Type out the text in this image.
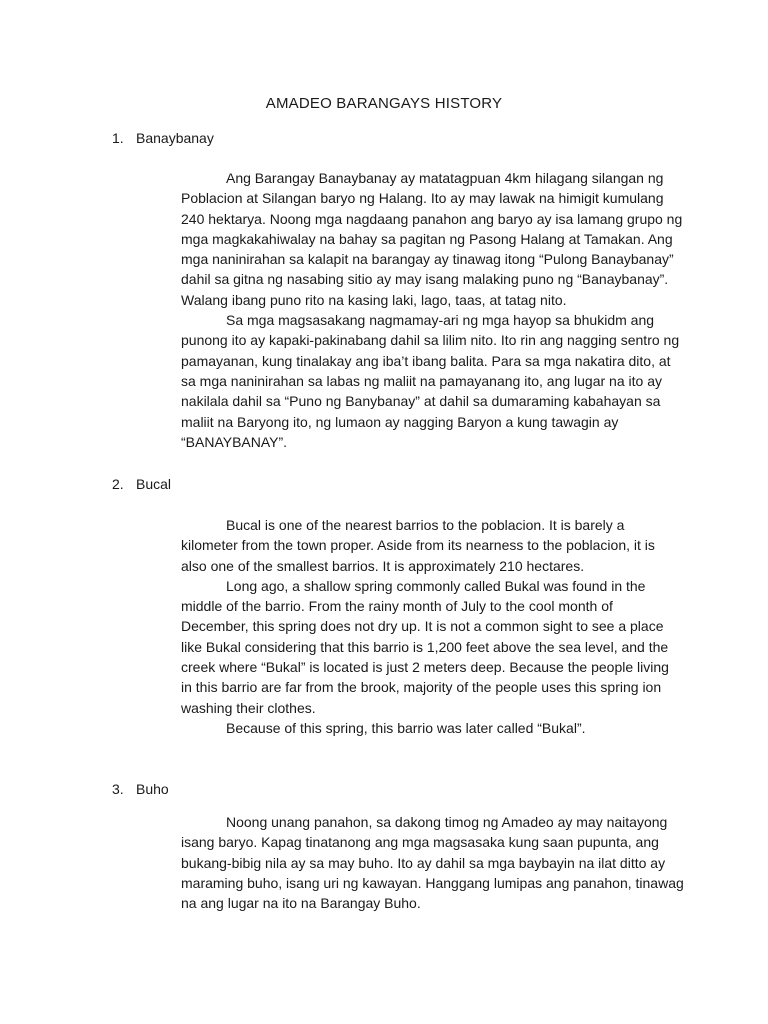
AMADEO BARANGAYS HISTORY
1. Banaybanay
Ang Barangay Banaybanay ay matatagpuan 4km hilagang silangan ng
Poblacion at Silangan baryo ng Halang. Ito ay may lawak na himigit kumulang
240 hektarya. Noong mga nagdaang panahon ang baryo ay isa lamang grupo ng
mga magkakahiwalay na bahay sa pagitan ng Pasong Halang at Tamakan. Ang
mga naninirahan sa kalapit na barangay ay tinawag itong “Pulong Banaybanay”
dahil sa gitna ng nasabing sitio ay may isang malaking puno ng “Banaybanay”.
Walang ibang puno rito na kasing laki, lago, taas, at tatag nito.
Sa mga magsasakang nagmamay-ari ng mga hayop sa bhukidm ang
punong ito ay kapaki-pakinabang dahil sa lilim nito. Ito rin ang nagging sentro ng
pamayanan, kung tinalakay ang iba’t ibang balita. Para sa mga nakatira dito, at
sa mga naninirahan sa labas ng maliit na pamayanang ito, ang lugar na ito ay
nakilala dahil sa “Puno ng Banybanay” at dahil sa dumaraming kabahayan sa
maliit na Baryong ito, ng lumaon ay nagging Baryon a kung tawagin ay
“BANAYBANAY”.
2. Bucal
Bucal is one of the nearest barrios to the poblacion. It is barely a
kilometer from the town proper. Aside from its nearness to the poblacion, it is
also one of the smallest barrios. It is approximately 210 hectares.
Long ago, a shallow spring commonly called Bukal was found in the
middle of the barrio. From the rainy month of July to the cool month of
December, this spring does not dry up. It is not a common sight to see a place
like Bukal considering that this barrio is 1,200 feet above the sea level, and the
creek where “Bukal” is located is just 2 meters deep. Because the people living
in this barrio are far from the brook, majority of the people uses this spring ion
washing their clothes.
Because of this spring, this barrio was later called “Bukal”.
3. Buho
Noong unang panahon, sa dakong timog ng Amadeo ay may naitayong
isang baryo. Kapag tinatanong ang mga magsasaka kung saan pupunta, ang
bukang-bibig nila ay sa may buho. Ito ay dahil sa mga baybayin na ilat ditto ay
maraming buho, isang uri ng kawayan. Hanggang lumipas ang panahon, tinawag
na ang lugar na ito na Barangay Buho.
